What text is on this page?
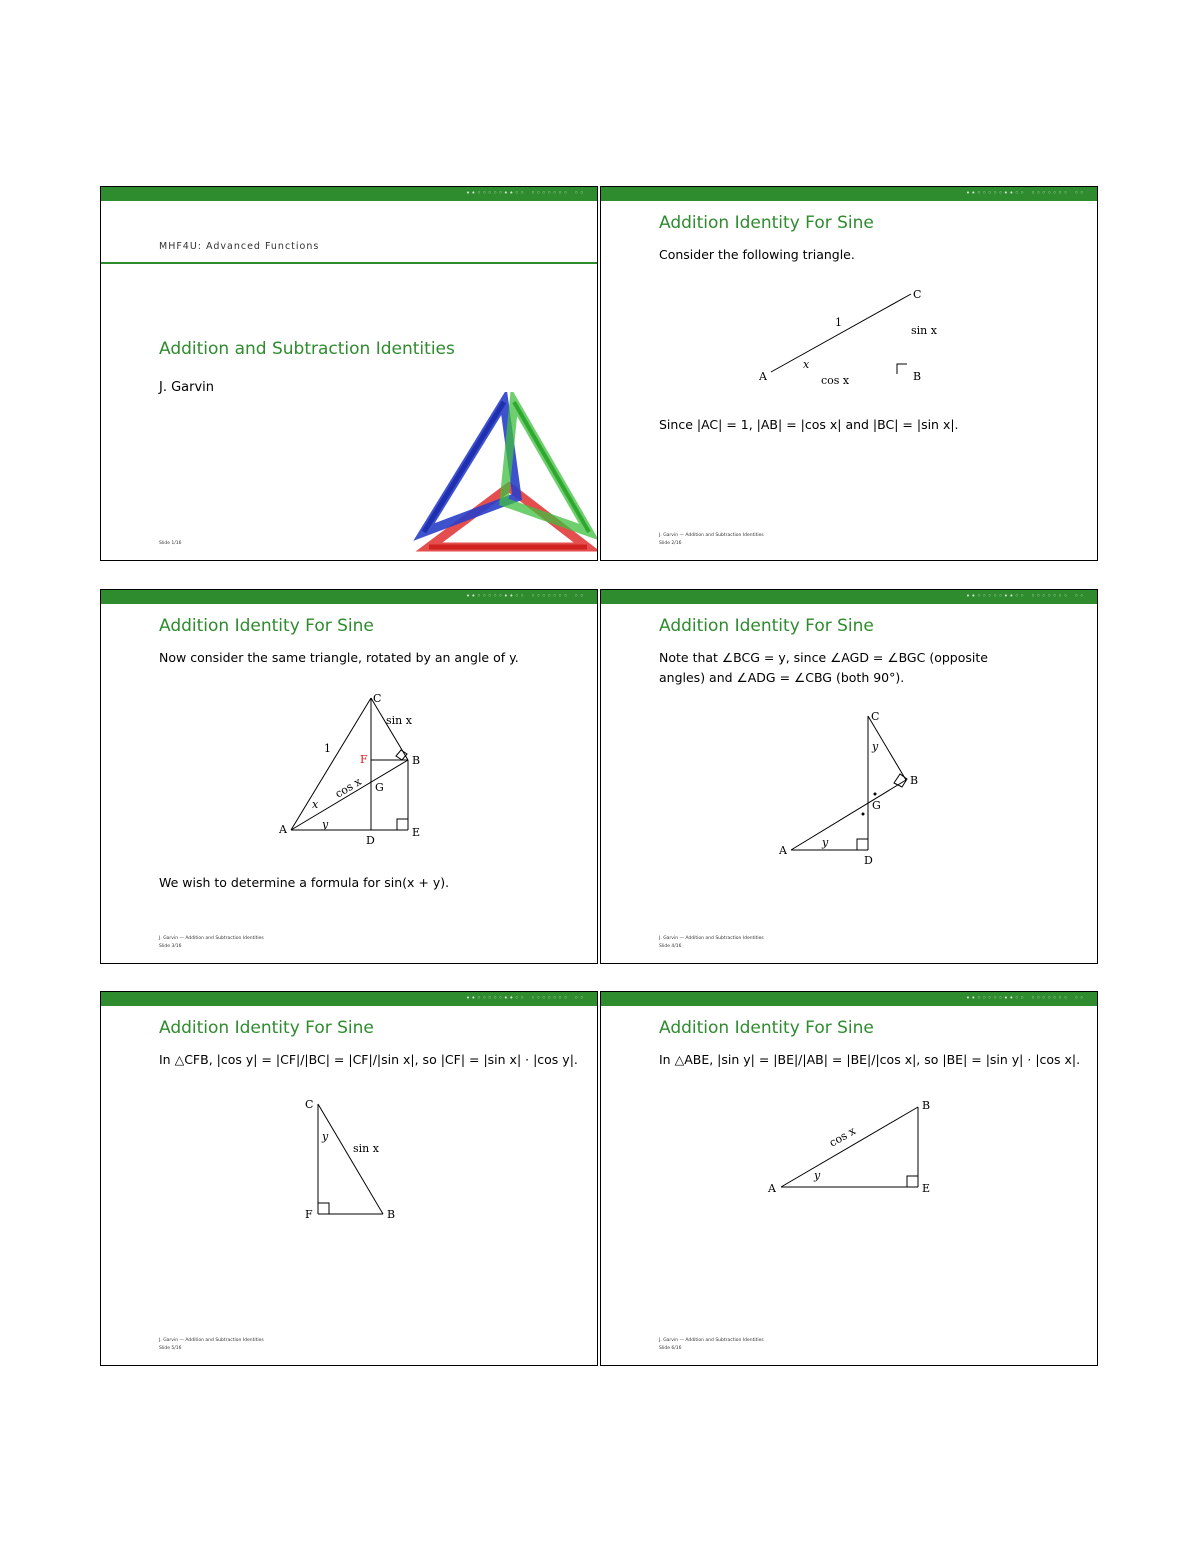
••◦◦◦◦◦••◦◦ ◦◦◦◦◦◦◦ ◦◦
MHF4U: Advanced Functions
Addition and Subtraction Identities
J. Garvin
Slide 1/16
••◦◦◦◦◦••◦◦ ◦◦◦◦◦◦◦ ◦◦
Addition Identity For Sine
Consider the following triangle.
A
C
B
1
x
cos x
sin x
Since |AC| = 1, |AB| = |cos x| and |BC| = |sin x|.
J. Garvin — Addition and Subtraction Identities
Slide 2/16
••◦◦◦◦◦••◦◦ ◦◦◦◦◦◦◦ ◦◦
Addition Identity For Sine
Now consider the same triangle, rotated by an angle of y.
A
C
B
D
E
F
G
1
x
y
cos x
sin x
We wish to determine a formula for sin(x + y).
J. Garvin — Addition and Subtraction Identities
Slide 3/16
••◦◦◦◦◦••◦◦ ◦◦◦◦◦◦◦ ◦◦
Addition Identity For Sine
Note that ∠BCG = y, since ∠AGD = ∠BGC (opposite
angles) and ∠ADG = ∠CBG (both 90°).
A
C
B
D
G
y
y
J. Garvin — Addition and Subtraction Identities
Slide 4/16
••◦◦◦◦◦••◦◦ ◦◦◦◦◦◦◦ ◦◦
Addition Identity For Sine
In △CFB, |cos y| = |CF|/|BC| = |CF|/|sin x|, so |CF| = |sin x| · |cos y|.
C
F	B
y
sin x
J. Garvin — Addition and Subtraction Identities
Slide 5/16
••◦◦◦◦◦••◦◦ ◦◦◦◦◦◦◦ ◦◦
Addition Identity For Sine
In △ABE, |sin y| = |BE|/|AB| = |BE|/|cos x|, so |BE| = |sin y| · |cos x|.
A
B
E
y
cos x
J. Garvin — Addition and Subtraction Identities
Slide 6/16
